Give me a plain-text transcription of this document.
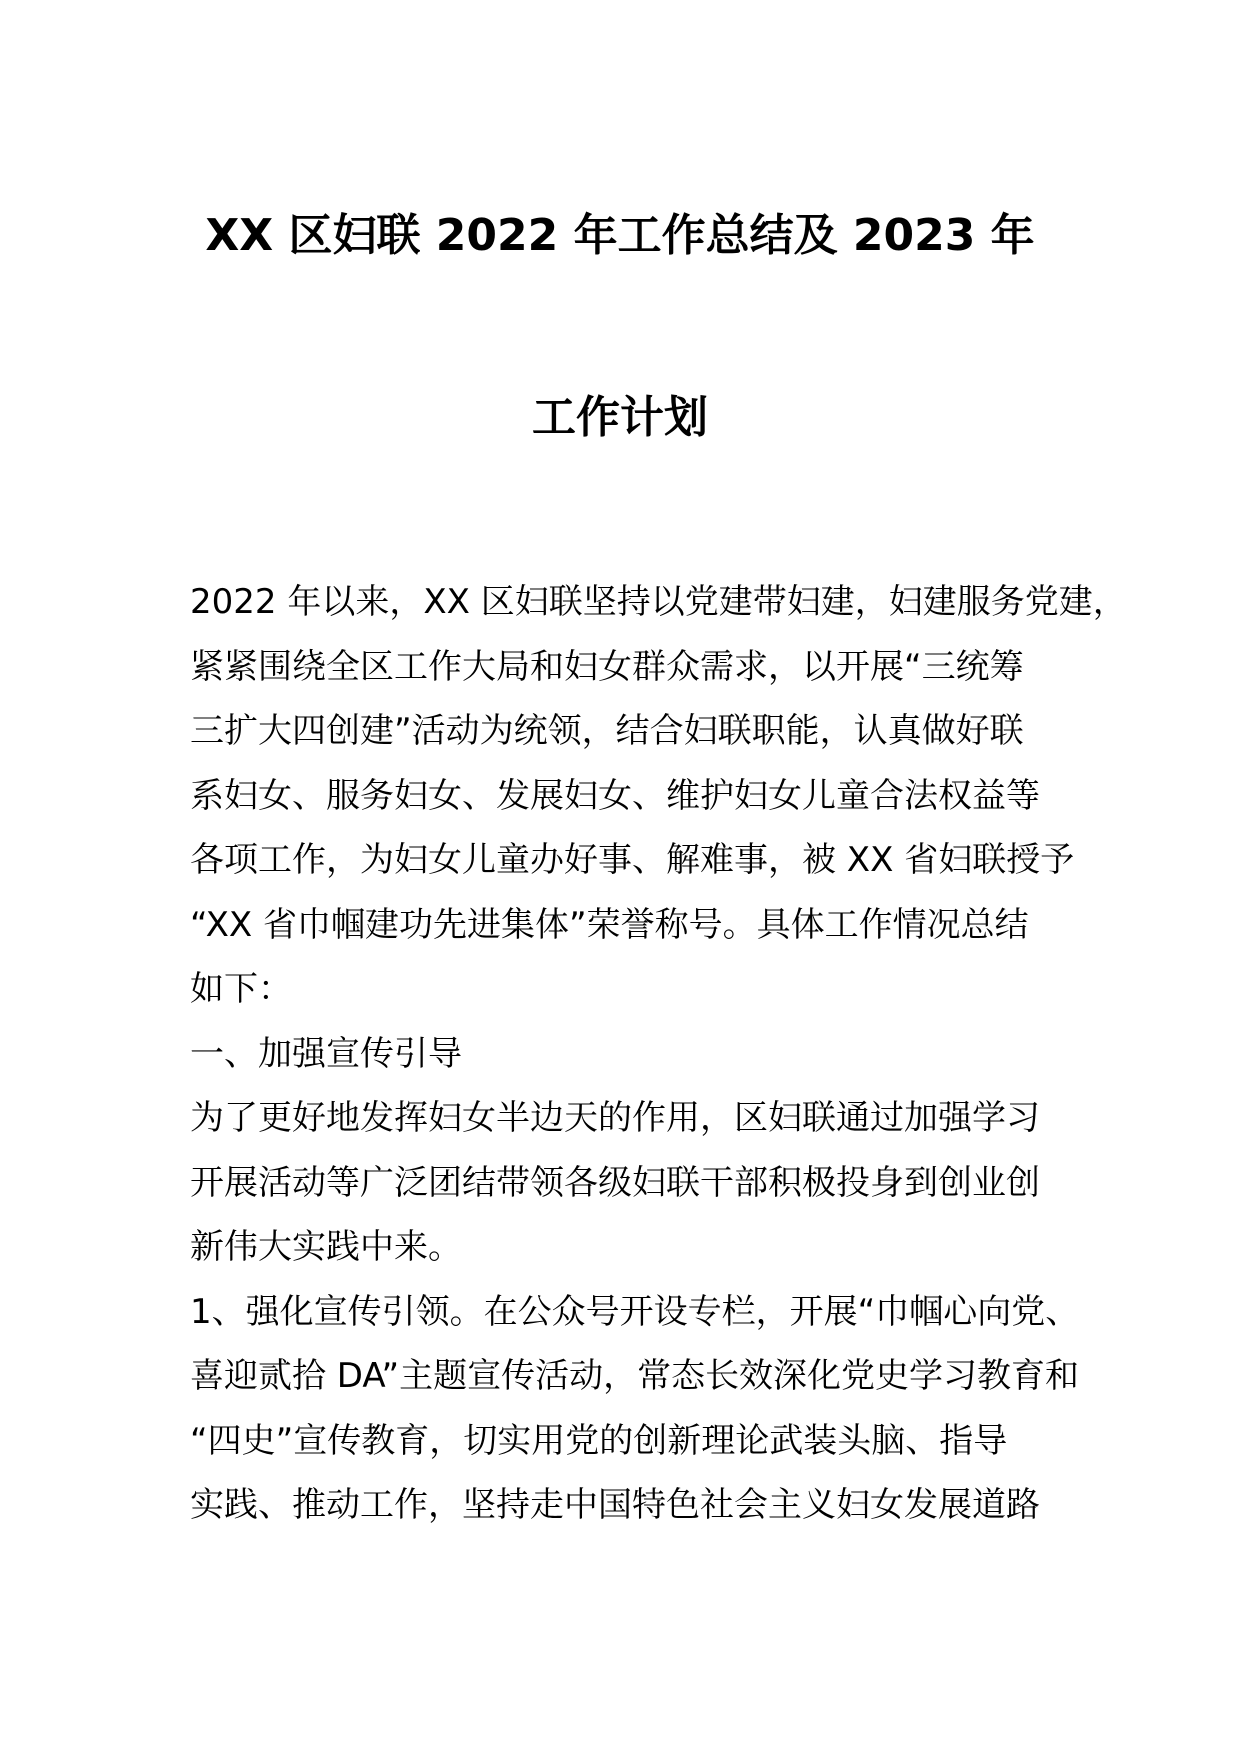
XX 区妇联 2022 年工作总结及 2023 年
工作计划
2022 年以来，XX 区妇联坚持以党建带妇建，妇建服务党建，
紧紧围绕全区工作大局和妇女群众需求，以开展“三统筹
三扩大四创建”活动为统领，结合妇联职能，认真做好联
系妇女、服务妇女、发展妇女、维护妇女儿童合法权益等
各项工作，为妇女儿童办好事、解难事，被 XX 省妇联授予
“XX 省巾帼建功先进集体”荣誉称号。具体工作情况总结
如下：
一、加强宣传引导
为了更好地发挥妇女半边天的作用，区妇联通过加强学习
开展活动等广泛团结带领各级妇联干部积极投身到创业创
新伟大实践中来。
1、强化宣传引领。在公众号开设专栏，开展“巾帼心向党、
喜迎贰拾 DA”主题宣传活动，常态长效深化党史学习教育和
“四史”宣传教育，切实用党的创新理论武装头脑、指导
实践、推动工作，坚持走中国特色社会主义妇女发展道路
